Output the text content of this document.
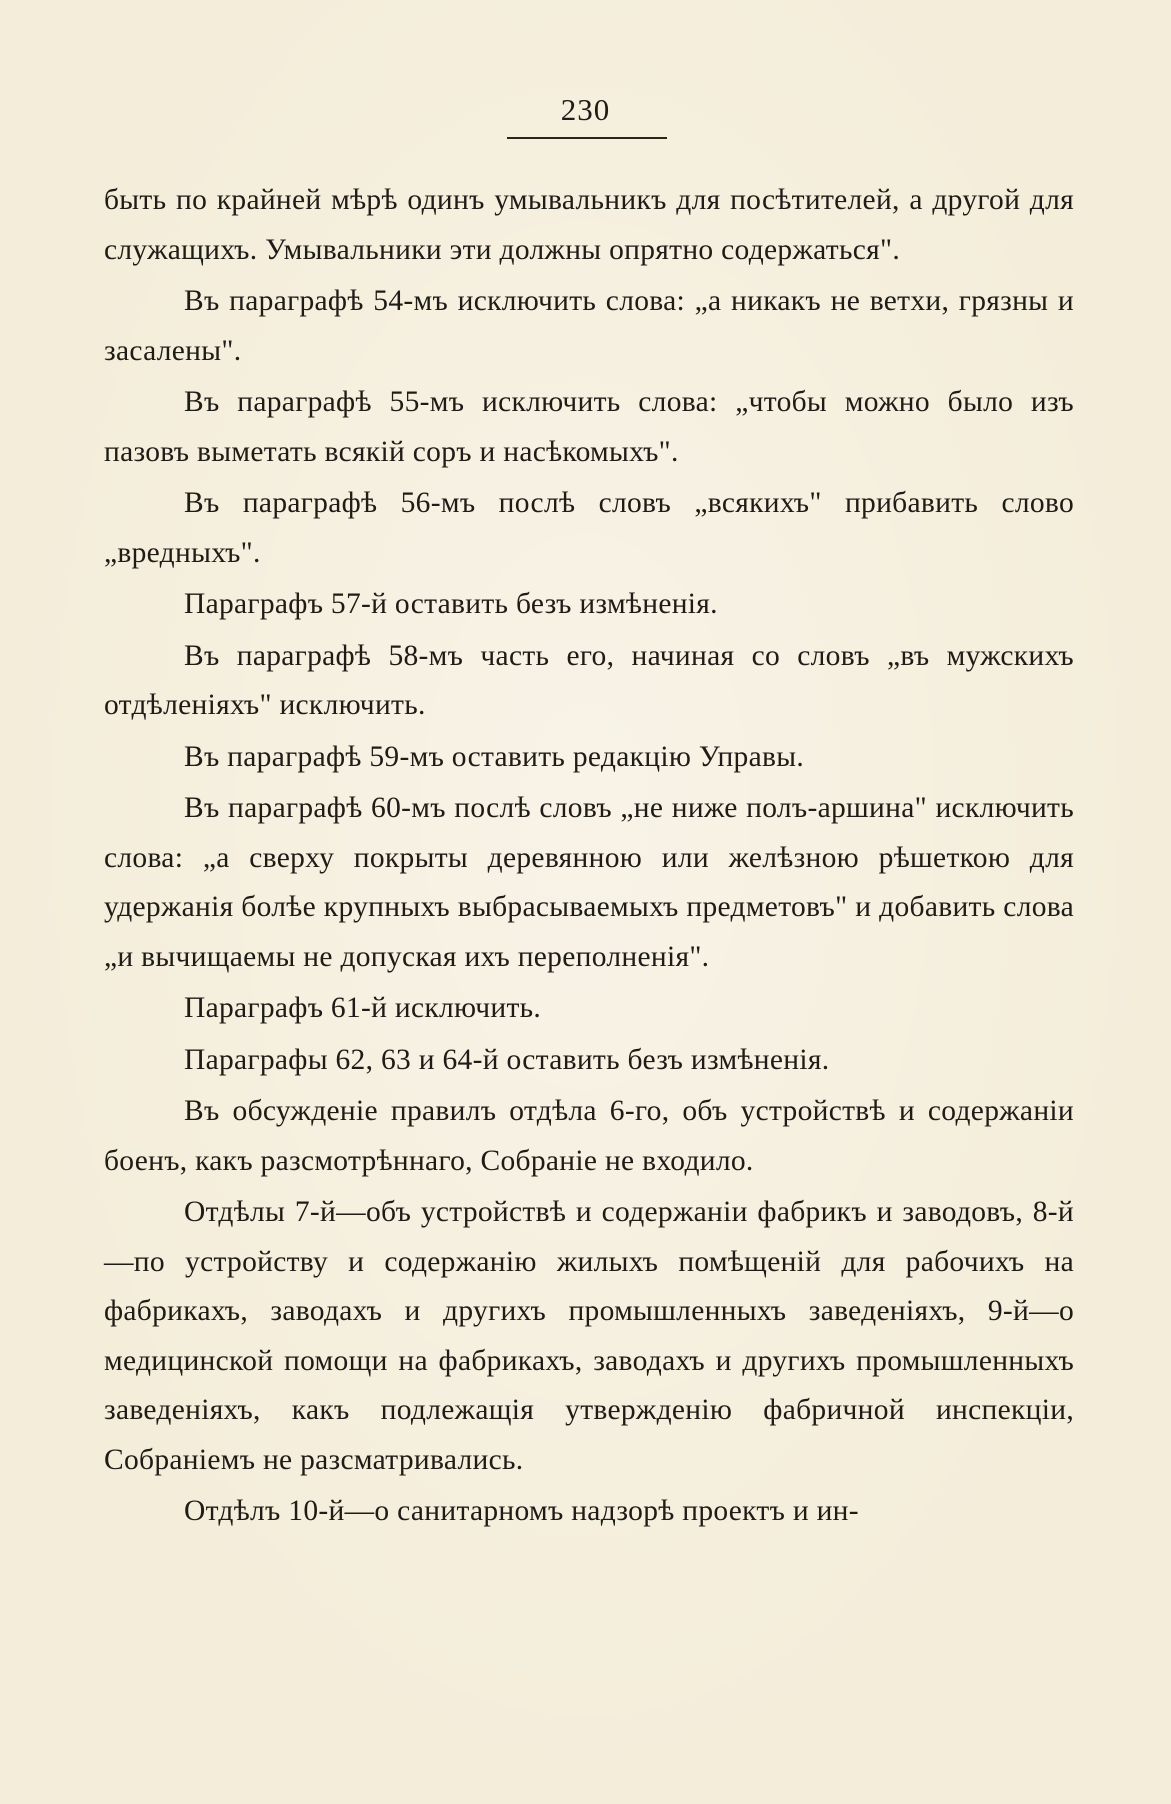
230

быть по крайней мѣрѣ одинъ умывальникъ для посѣтителей, а другой для служащихъ. Умывальники эти должны опрятно содержаться".

Въ параграфѣ 54-мъ исключить слова: „а никакъ не ветхи, грязны и засалены".

Въ параграфѣ 55-мъ исключить слова: „чтобы можно было изъ пазовъ выметать всякій соръ и насѣкомыхъ".

Въ параграфѣ 56-мъ послѣ словъ „всякихъ" прибавить слово „вредныхъ".

Параграфъ 57-й оставить безъ измѣненія.

Въ параграфѣ 58-мъ часть его, начиная со словъ „въ мужскихъ отдѣленіяхъ" исключить.

Въ параграфѣ 59-мъ оставить редакцію Управы.

Въ параграфѣ 60-мъ послѣ словъ „не ниже полъ-аршина" исключить слова: „а сверху покрыты деревянною или желѣзною рѣшеткою для удержанія болѣе крупныхъ выбрасываемыхъ предметовъ" и добавить слова „и вычищаемы не допуская ихъ переполненія".

Параграфъ 61-й исключить.

Параграфы 62, 63 и 64-й оставить безъ измѣненія.

Въ обсужденіе правилъ отдѣла 6-го, объ устройствѣ и содержаніи боенъ, какъ разсмотрѣннаго, Собраніе не входило.

Отдѣлы 7-й—объ устройствѣ и содержаніи фабрикъ и заводовъ, 8-й—по устройству и содержанію жилыхъ помѣщеній для рабочихъ на фабрикахъ, заводахъ и другихъ промышленныхъ заведеніяхъ, 9-й—о медицинской помощи на фабрикахъ, заводахъ и другихъ промышленныхъ заведеніяхъ, какъ подлежащія утвержденію фабричной инспекціи, Собраніемъ не разсматривались.

Отдѣлъ 10-й—о санитарномъ надзорѣ проектъ и ин-
